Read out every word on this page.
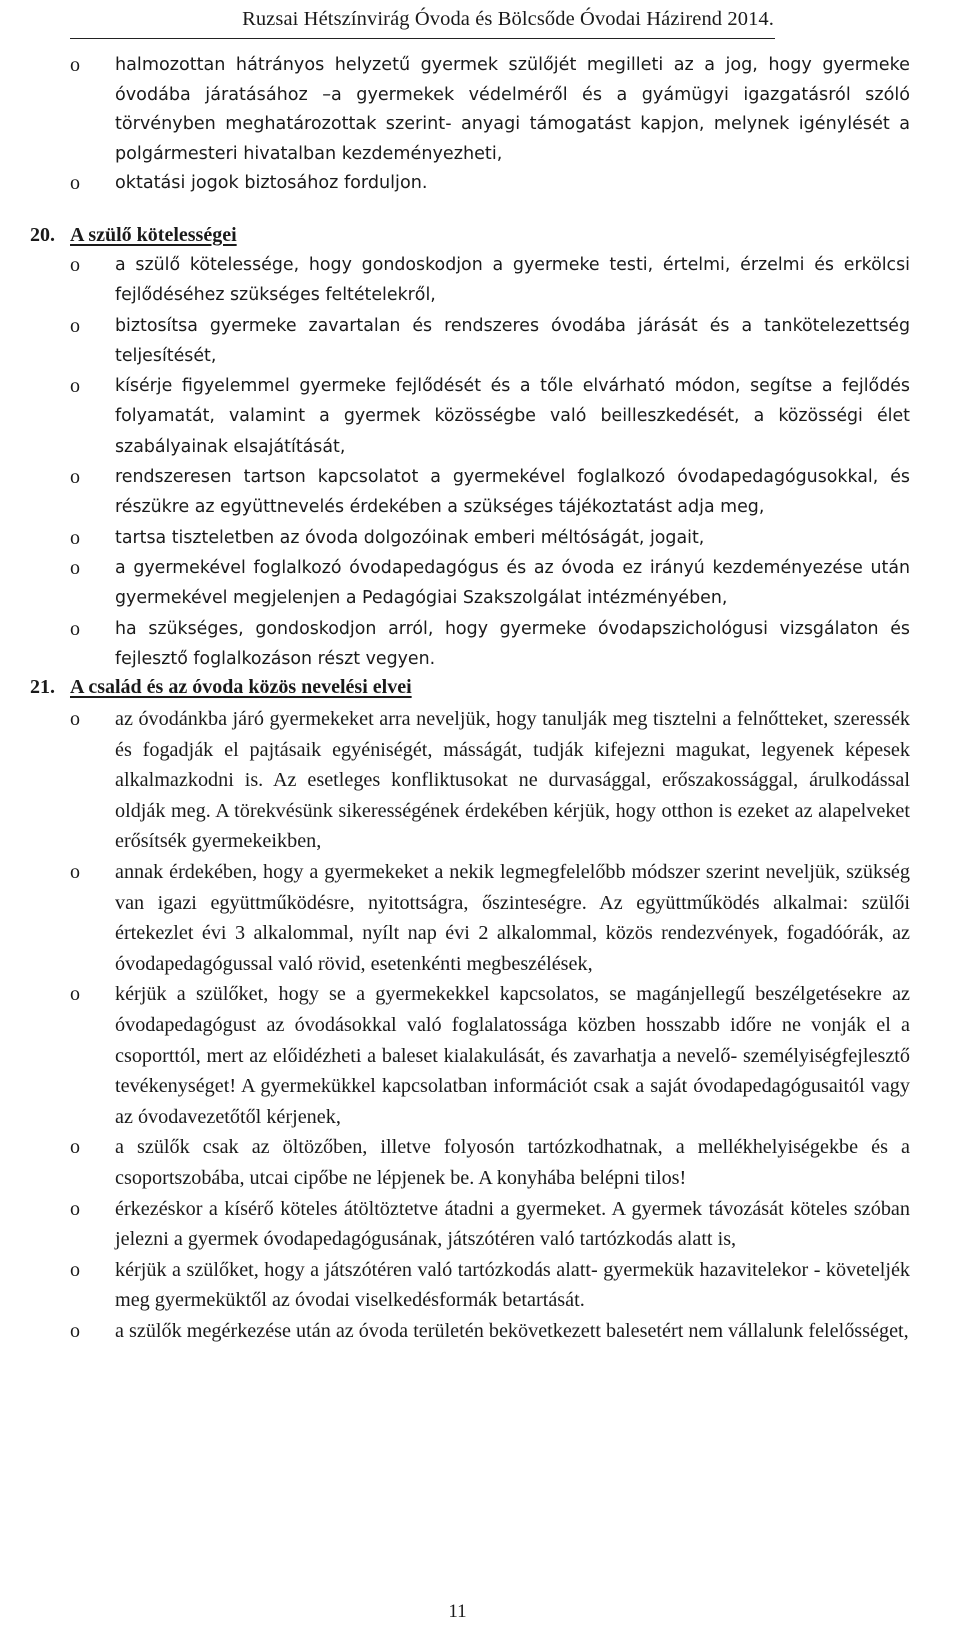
Ruzsai Hétszínvirág Óvoda és Bölcsőde Óvodai Házirend 2014.
o	halmozottan hátrányos helyzetű gyermek szülőjét megilleti az a jog, hogy gyermeke óvodába járatásához –a gyermekek védelméről és a gyámügyi igazgatásról szóló törvényben meghatározottak szerint- anyagi támogatást kapjon, melynek igénylését a polgármesteri hivatalban kezdeményezheti,
o	oktatási jogok biztosához forduljon.
20. A szülő kötelességei
o	a szülő kötelessége, hogy gondoskodjon a gyermeke testi, értelmi, érzelmi és erkölcsi fejlődéséhez szükséges feltételekről,
o	biztosítsa gyermeke zavartalan és rendszeres óvodába járását és a tankötelezettség teljesítését,
o	kísérje figyelemmel gyermeke fejlődését és a tőle elvárható módon, segítse a fejlődés folyamatát, valamint a gyermek közösségbe való beilleszkedését, a közösségi élet szabályainak elsajátítását,
o	rendszeresen tartson kapcsolatot a gyermekével foglalkozó óvodapedagógusokkal, és részükre az együttnevelés érdekében a szükséges tájékoztatást adja meg,
o	tartsa tiszteletben az óvoda dolgozóinak emberi méltóságát, jogait,
o	a gyermekével foglalkozó óvodapedagógus és az óvoda ez irányú kezdeményezése után gyermekével megjelenjen a Pedagógiai Szakszolgálat intézményében,
o	ha szükséges, gondoskodjon arról, hogy gyermeke óvodapszichológusi vizsgálaton és fejlesztő foglalkozáson részt vegyen.
21. A család és az óvoda közös nevelési elvei
o	az óvodánkba járó gyermekeket arra neveljük, hogy tanulják meg tisztelni a felnőtteket, szeressék és fogadják el pajtásaik egyéniségét, másságát, tudják kifejezni magukat, legyenek képesek alkalmazkodni is. Az esetleges konfliktusokat ne durvasággal, erőszakossággal, árulkodással oldják meg. A törekvésünk sikerességének érdekében kérjük, hogy otthon is ezeket az alapelveket erősítsék gyermekeikben,
o	annak érdekében, hogy a gyermekeket a nekik legmegfelelőbb módszer szerint neveljük, szükség van igazi együttműködésre, nyitottságra, őszinteségre. Az együttműködés alkalmai: szülői értekezlet évi 3 alkalommal, nyílt nap évi 2 alkalommal, közös rendezvények, fogadóórák, az óvodapedagógussal való rövid, esetenkénti megbeszélések,
o	kérjük a szülőket, hogy se a gyermekekkel kapcsolatos, se magánjellegű beszélgetésekre az óvodapedagógust az óvodásokkal való foglalatossága közben hosszabb időre ne vonják el a csoporttól, mert az előidézheti a baleset kialakulását, és zavarhatja a nevelő- személyiségfejlesztő tevékenységet! A gyermekükkel kapcsolatban információt csak a saját óvodapedagógusaitól vagy az óvodavezetőtől kérjenek,
o	a szülők csak az öltözőben, illetve folyosón tartózkodhatnak, a mellékhelyiségekbe és a csoportszobába, utcai cipőbe ne lépjenek be. A konyhába belépni tilos!
o	érkezéskor a kísérő köteles átöltöztetve átadni a gyermeket. A gyermek távozását köteles szóban jelezni a gyermek óvodapedagógusának, játszótéren való tartózkodás alatt is,
o	kérjük a szülőket, hogy a játszótéren való tartózkodás alatt- gyermekük hazavitelekor - követeljék meg gyermeküktől az óvodai viselkedésformák betartását.
o	a szülők megérkezése után az óvoda területén bekövetkezett balesetért nem vállalunk felelősséget,
11
